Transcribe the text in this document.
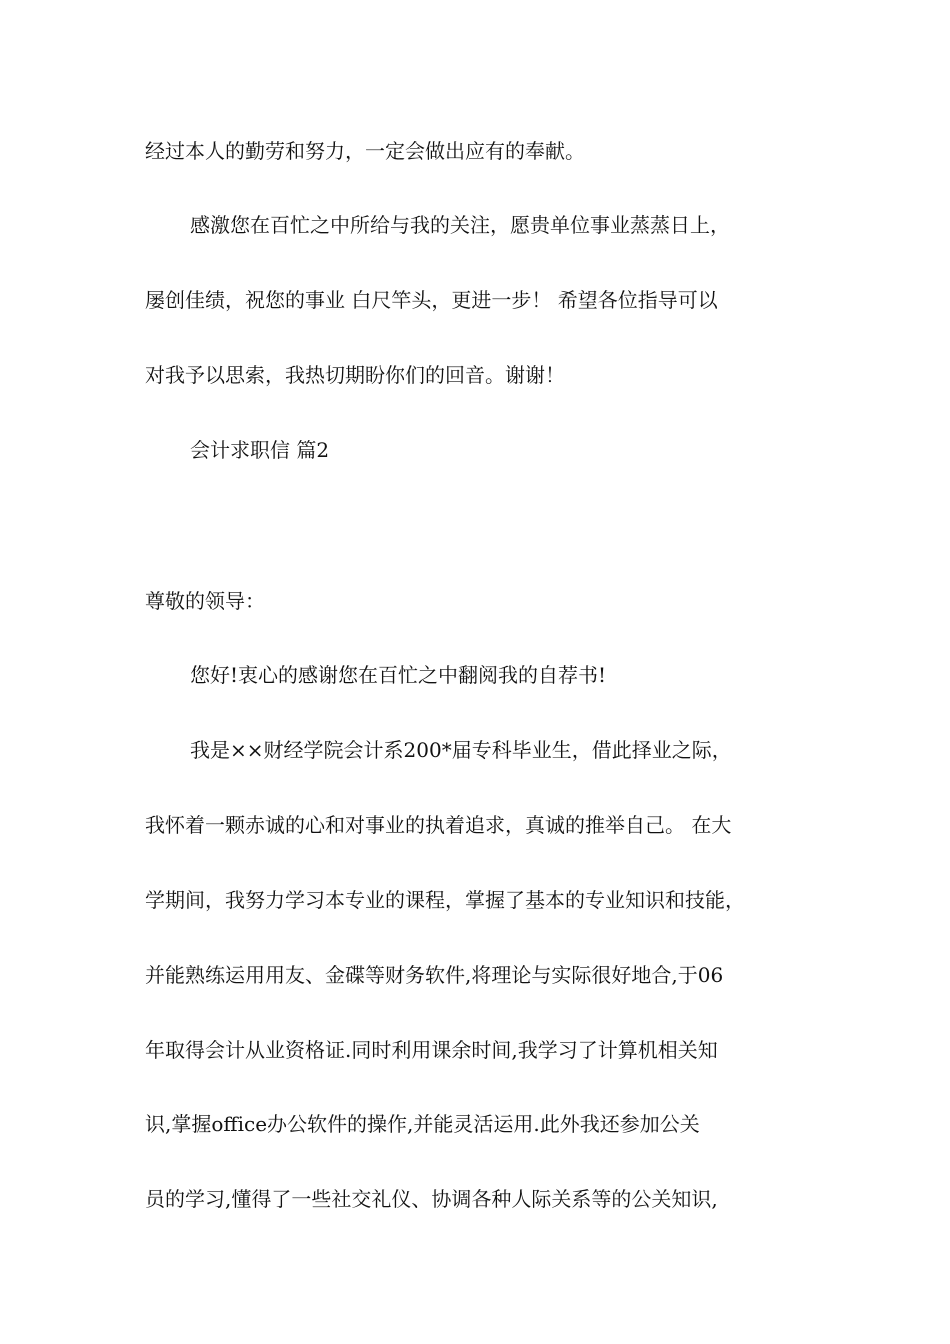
经过本人的勤劳和努力，一定会做出应有的奉献。

感激您在百忙之中所给与我的关注，愿贵单位事业蒸蒸日上，

屡创佳绩，祝您的事业 白尺竿头，更进一步！ 希望各位指导可以

对我予以思索，我热切期盼你们的回音。谢谢！

会计求职信 篇2

尊敬的领导：

您好!衷心的感谢您在百忙之中翻阅我的自荐书!

我是××财经学院会计系200*届专科毕业生，借此择业之际，

我怀着一颗赤诚的心和对事业的执着追求，真诚的推举自己。 在大

学期间，我努力学习本专业的课程，掌握了基本的专业知识和技能，

并能熟练运用用友、金碟等财务软件,将理论与实际很好地合,于06

年取得会计从业资格证.同时利用课余时间,我学习了计算机相关知

识,掌握office办公软件的操作,并能灵活运用.此外我还参加公关

员的学习,懂得了一些社交礼仪、协调各种人际关系等的公关知识,
